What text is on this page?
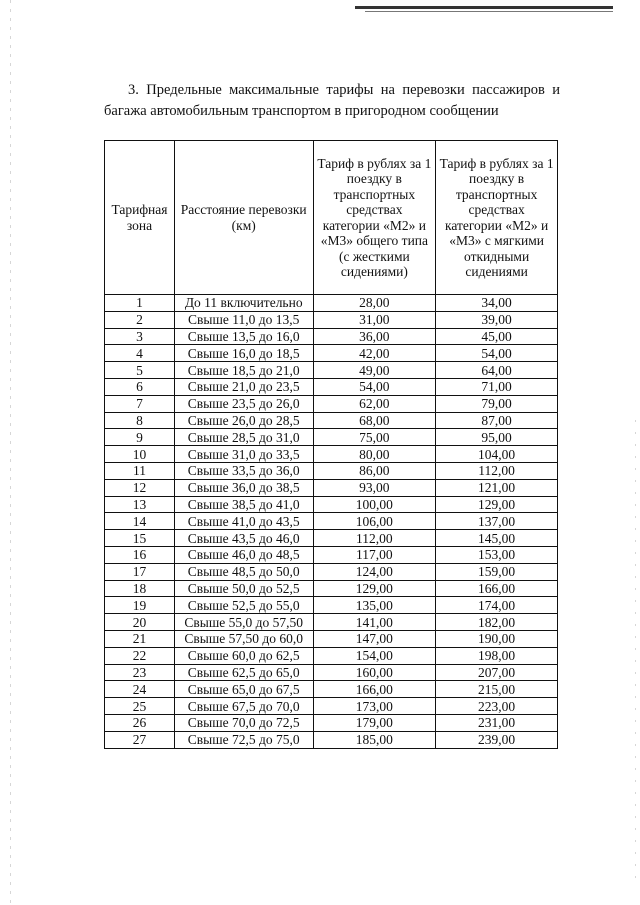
3. Предельные максимальные тарифы на перевозки пассажиров и багажа автомобильным транспортом в пригородном сообщении
Тарифная зона	Расстояние перевозки (км)	Тариф в рублях за 1 поездку в транспортных средствах категории «М2» и «М3» общего типа (с жесткими сидениями)	Тариф в рублях за 1 поездку в транспортных средствах категории «М2» и «М3» с мягкими откидными сидениями
1	До 11 включительно	28,00	34,00
2	Свыше 11,0 до 13,5	31,00	39,00
3	Свыше 13,5 до 16,0	36,00	45,00
4	Свыше 16,0 до 18,5	42,00	54,00
5	Свыше 18,5 до 21,0	49,00	64,00
6	Свыше 21,0 до 23,5	54,00	71,00
7	Свыше 23,5 до 26,0	62,00	79,00
8	Свыше 26,0 до 28,5	68,00	87,00
9	Свыше 28,5 до 31,0	75,00	95,00
10	Свыше 31,0 до 33,5	80,00	104,00
11	Свыше 33,5 до 36,0	86,00	112,00
12	Свыше 36,0 до 38,5	93,00	121,00
13	Свыше 38,5 до 41,0	100,00	129,00
14	Свыше 41,0 до 43,5	106,00	137,00
15	Свыше 43,5 до 46,0	112,00	145,00
16	Свыше 46,0 до 48,5	117,00	153,00
17	Свыше 48,5 до 50,0	124,00	159,00
18	Свыше 50,0 до 52,5	129,00	166,00
19	Свыше 52,5 до 55,0	135,00	174,00
20	Свыше 55,0 до 57,50	141,00	182,00
21	Свыше 57,50 до 60,0	147,00	190,00
22	Свыше 60,0 до 62,5	154,00	198,00
23	Свыше 62,5 до 65,0	160,00	207,00
24	Свыше 65,0 до 67,5	166,00	215,00
25	Свыше 67,5 до 70,0	173,00	223,00
26	Свыше 70,0 до 72,5	179,00	231,00
27	Свыше 72,5 до 75,0	185,00	239,00
